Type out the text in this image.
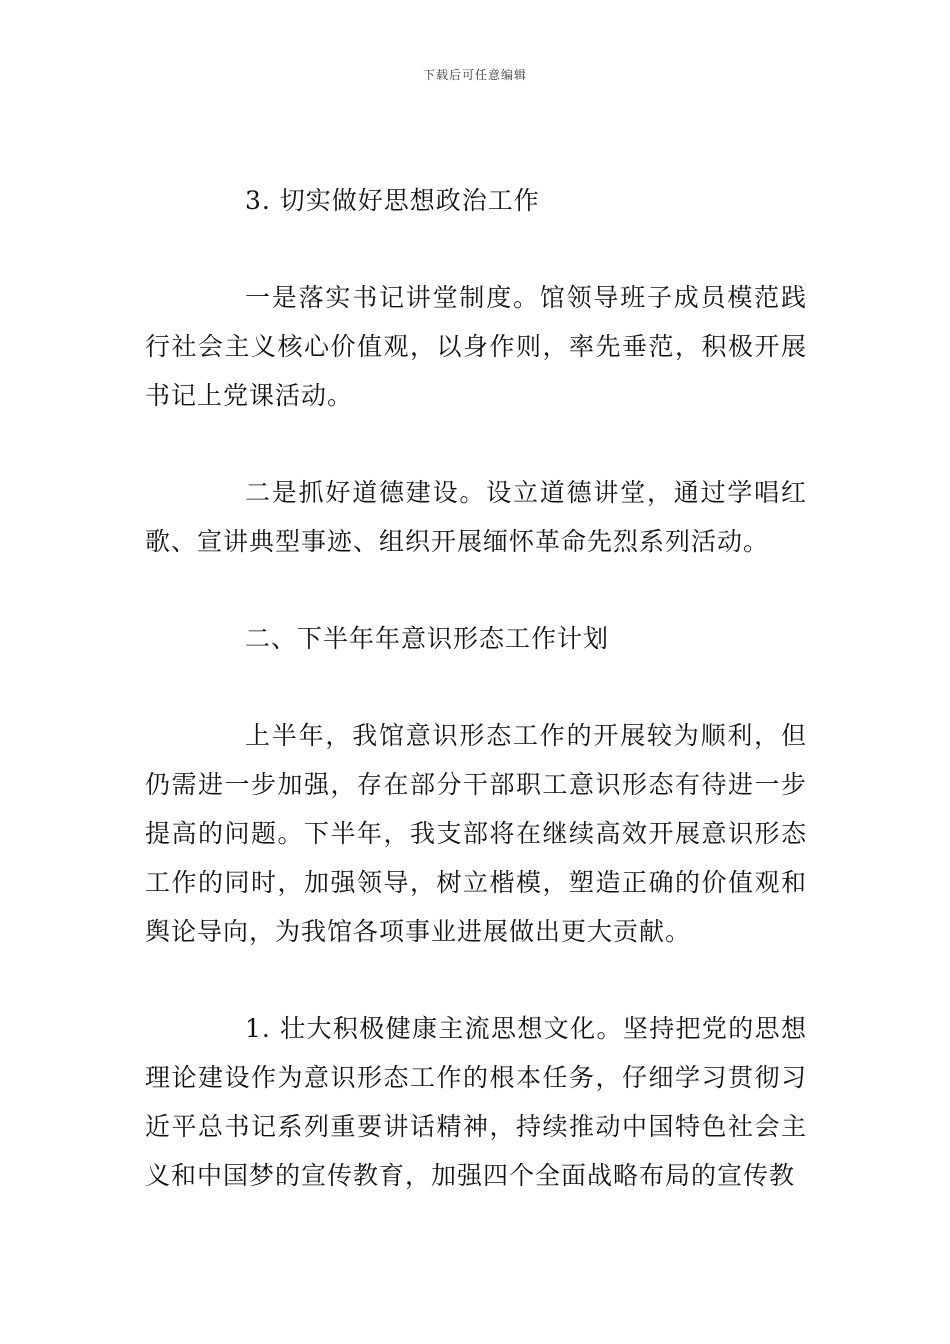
下载后可任意编辑

3. 切实做好思想政治工作

一是落实书记讲堂制度。馆领导班子成员模范践行社会主义核心价值观，以身作则，率先垂范，积极开展书记上党课活动。

二是抓好道德建设。设立道德讲堂，通过学唱红歌、宣讲典型事迹、组织开展缅怀革命先烈系列活动。

二、下半年年意识形态工作计划

上半年，我馆意识形态工作的开展较为顺利，但仍需进一步加强，存在部分干部职工意识形态有待进一步提高的问题。下半年，我支部将在继续高效开展意识形态工作的同时，加强领导，树立楷模，塑造正确的价值观和舆论导向，为我馆各项事业进展做出更大贡献。

1. 壮大积极健康主流思想文化。坚持把党的思想理论建设作为意识形态工作的根本任务，仔细学习贯彻习近平总书记系列重要讲话精神，持续推动中国特色社会主义和中国梦的宣传教育，加强四个全面战略布局的宣传教
